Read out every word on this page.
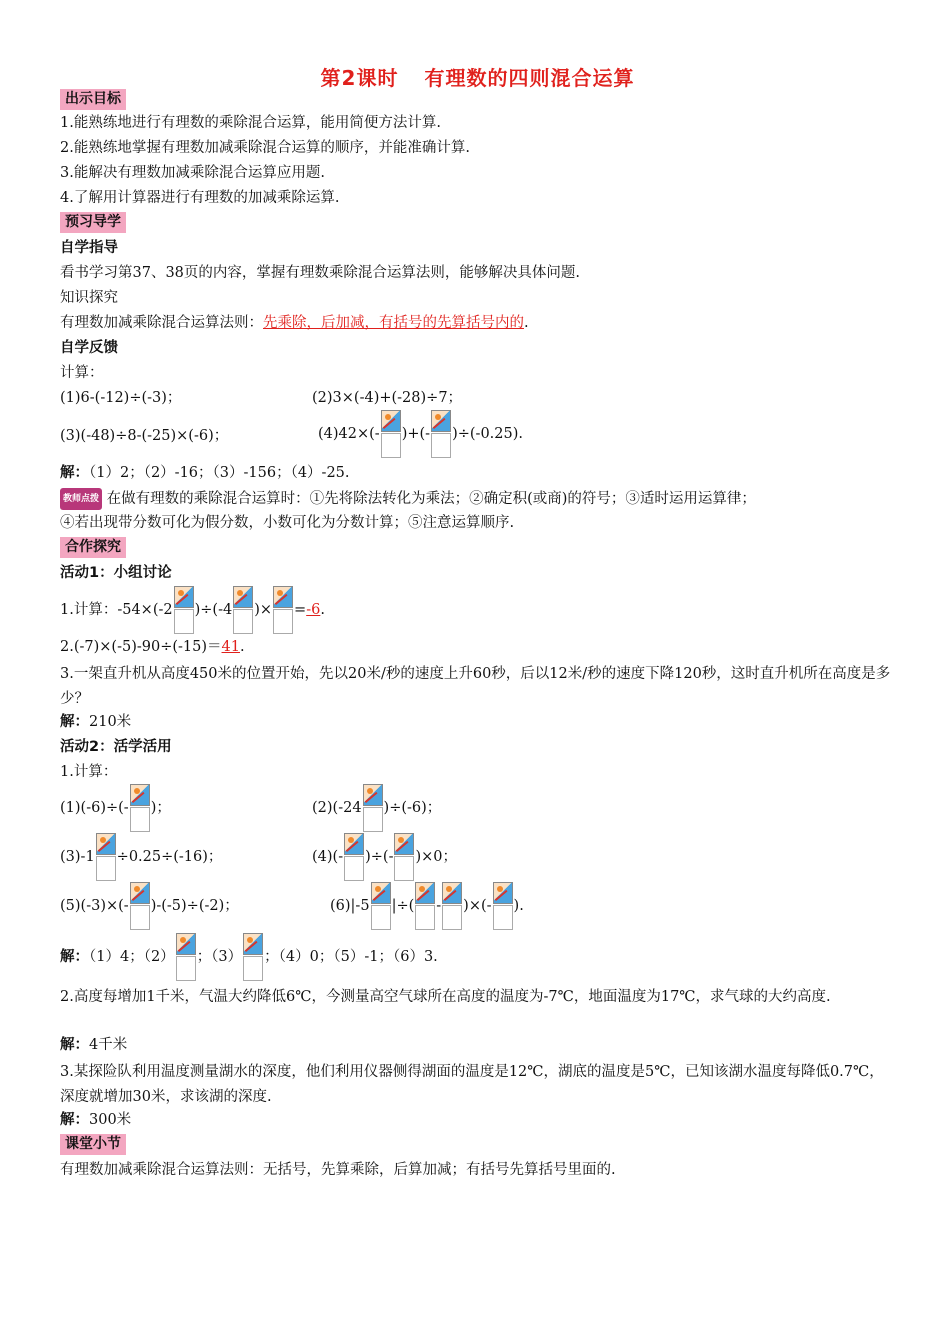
第2课时 有理数的四则混合运算
出示目标
1.能熟练地进行有理数的乘除混合运算，能用简便方法计算.
2.能熟练地掌握有理数加减乘除混合运算的顺序，并能准确计算.
3.能解决有理数加减乘除混合运算应用题.
4.了解用计算器进行有理数的加减乘除运算.
预习导学
自学指导
看书学习第37、38页的内容，掌握有理数乘除混合运算法则，能够解决具体问题.
知识探究
有理数加减乘除混合运算法则：先乘除，后加减，有括号的先算括号内的.
自学反馈
计算：
(1)6-(-12)÷(-3)；	(2)3×(-4)+(-28)÷7；
(3)(-48)÷8-(-25)×(-6)；	(4)42×(- )+(- )÷(-0.25).
解：（1）2；（2）-16；（3）-156；（4）-25.
教师点拨 在做有理数的乘除混合运算时：①先将除法转化为乘法；②确定积(或商)的符号；③适时运用运算律；
④若出现带分数可化为假分数，小数可化为分数计算；⑤注意运算顺序.
合作探究
活动1：小组讨论
1.计算：-54×(-2 )÷(-4 )× =-6.
2.(-7)×(-5)-90÷(-15)＝41.
3.一架直升机从高度450米的位置开始，先以20米/秒的速度上升60秒，后以12米/秒的速度下降120秒，这时直升机所在高度是多少？
解：210米
活动2：活学活用
1.计算：
(1)(-6)÷(- )；	(2)(-24 )÷(-6)；
(3)-1 ÷0.25÷(-16)；	(4)(- )÷(- )×0；
(5)(-3)×(- )-(-5)÷(-2)；	(6)|-5 |÷( - )×(- ).
解：（1）4；（2） ；（3） ；（4）0；（5）-1；（6）3.
2.高度每增加1千米，气温大约降低6℃，今测量高空气球所在高度的温度为-7℃，地面温度为17℃，求气球的大约高度.
解：4千米
3.某探险队利用温度测量湖水的深度，他们利用仪器侧得湖面的温度是12℃，湖底的温度是5℃，已知该湖水温度每降低0.7℃，深度就增加30米，求该湖的深度.
解：300米
课堂小节
有理数加减乘除混合运算法则：无括号，先算乘除，后算加减；有括号先算括号里面的.
